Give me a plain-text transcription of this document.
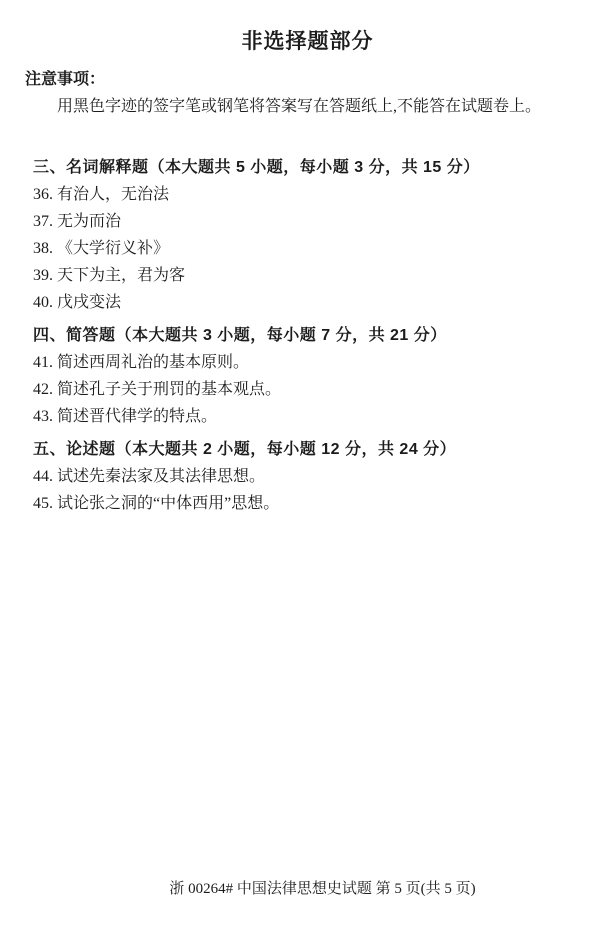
非选择题部分
注意事项：
用黑色字迹的签字笔或钢笔将答案写在答题纸上,不能答在试题卷上。
三、名词解释题（本大题共 5 小题，每小题 3 分，共 15 分）
36. 有治人，无治法
37. 无为而治
38. 《大学衍义补》
39. 天下为主，君为客
40. 戊戌变法
四、简答题（本大题共 3 小题，每小题 7 分，共 21 分）
41. 简述西周礼治的基本原则。
42. 简述孔子关于刑罚的基本观点。
43. 简述晋代律学的特点。
五、论述题（本大题共 2 小题，每小题 12 分，共 24 分）
44. 试述先秦法家及其法律思想。
45. 试论张之洞的“中体西用”思想。
浙 00264# 中国法律思想史试题 第 5 页(共 5 页)
